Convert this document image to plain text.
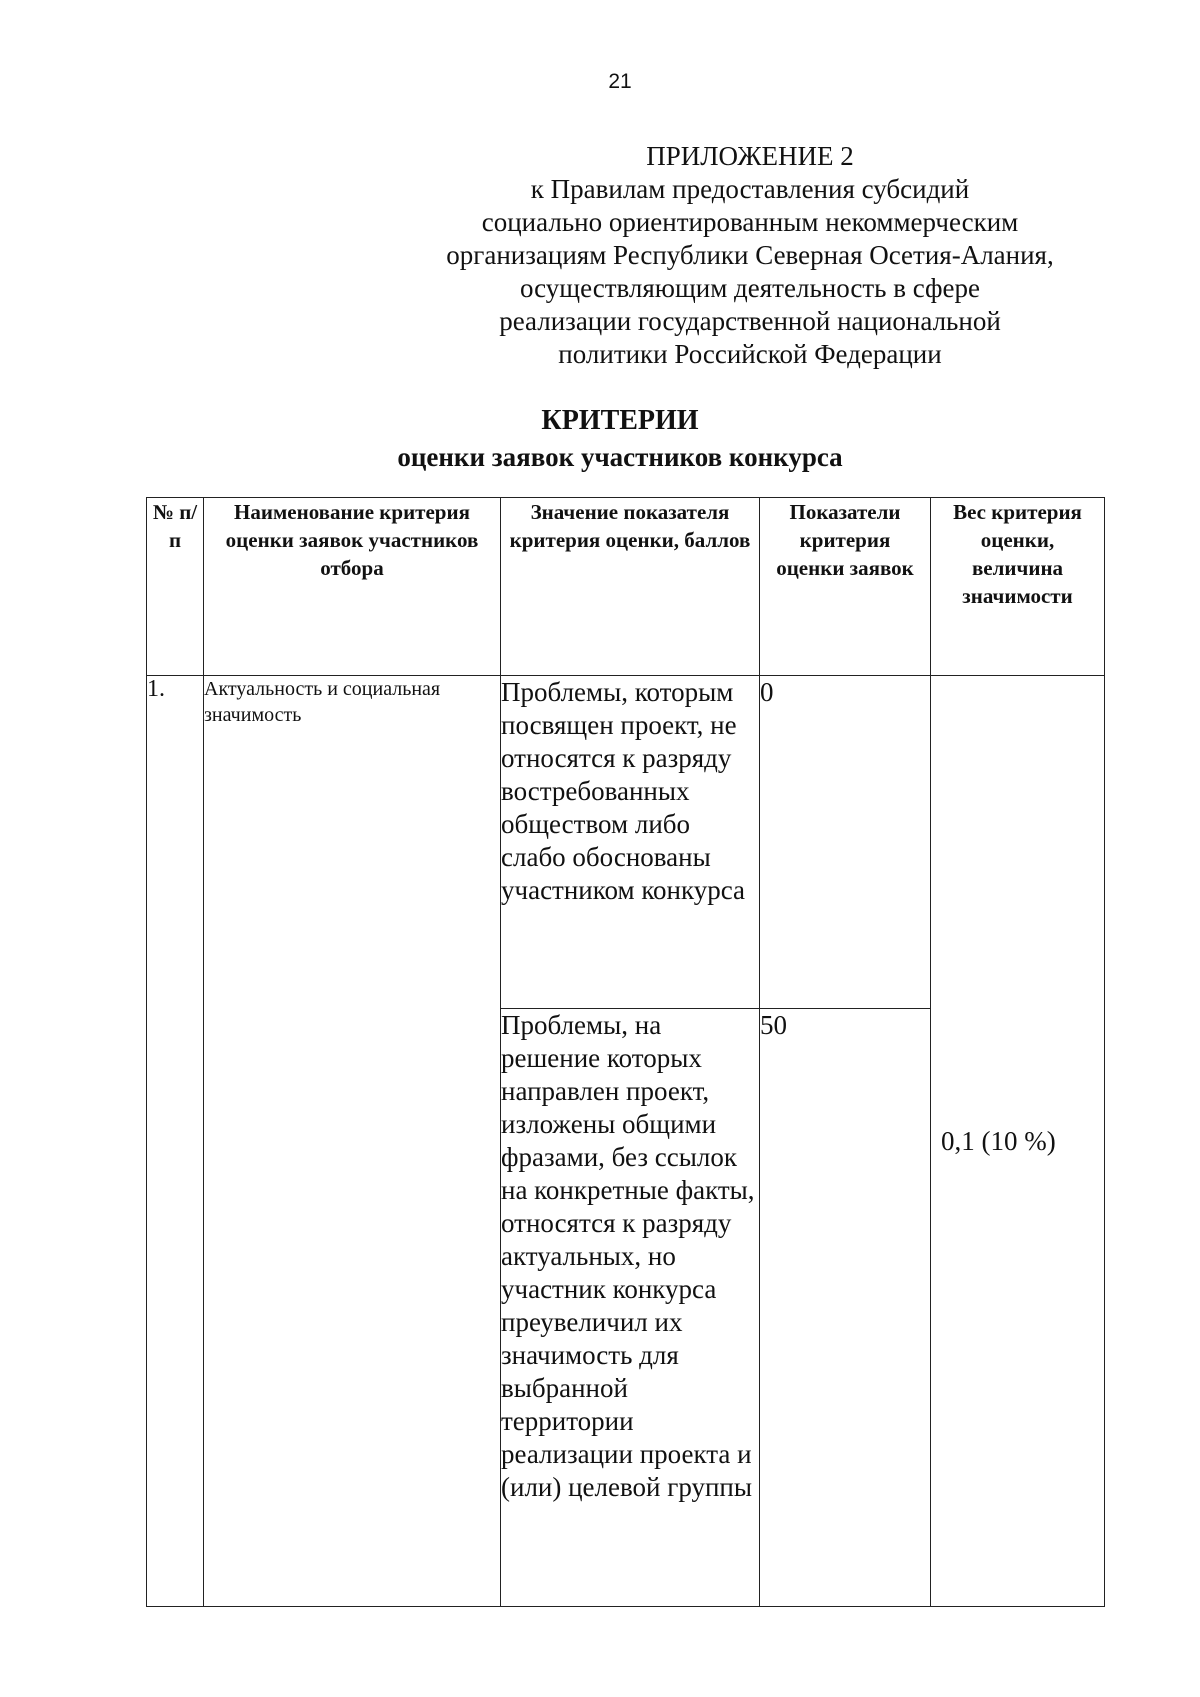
21
ПРИЛОЖЕНИЕ 2
к Правилам предоставления субсидий
социально ориентированным некоммерческим
организациям Республики Северная Осетия-Алания,
осуществляющим деятельность в сфере
реализации государственной национальной
политики Российской Федерации
КРИТЕРИИ
оценки заявок участников конкурса
№ п/п	Наименование критерия оценки заявок участников отбора	Значение показателя критерия оценки, баллов	Показатели критерия оценки заявок	Вес критерия оценки, величина значимости
1.	Актуальность и социальная значимость	Проблемы, которым посвящен проект, не относятся к разряду востребованных обществом либо слабо обоснованы участником конкурса	0	0,1 (10 %)
		Проблемы, на решение которых направлен проект, изложены общими фразами, без ссылок на конкретные факты, относятся к разряду актуальных, но участник конкурса преувеличил их значимость для выбранной территории реализации проекта и (или) целевой группы	50	
